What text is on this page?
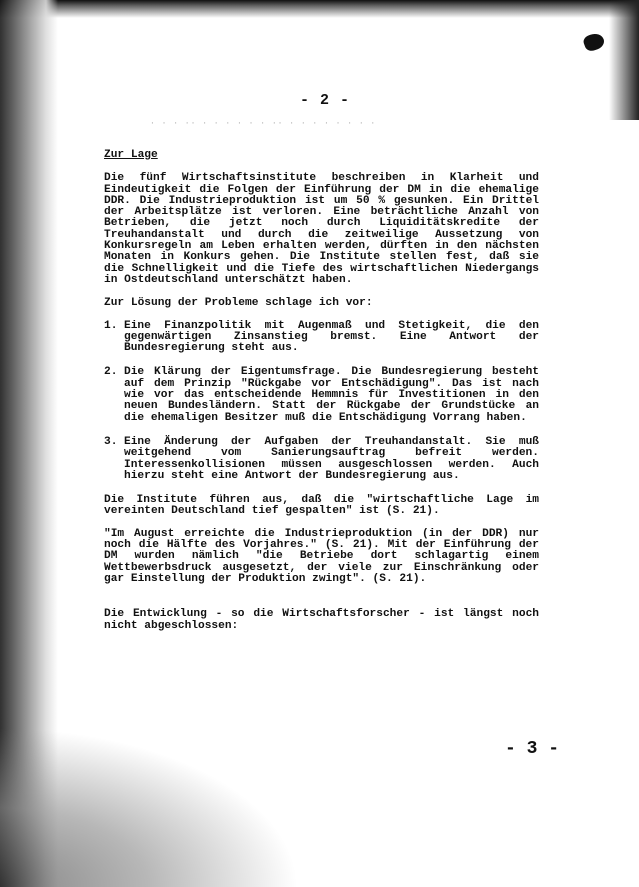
· · · ·· · · · · · · ·· · · · · · · · ·
- 2 -
Zur Lage
Die fünf Wirtschaftsinstitute beschreiben in Klarheit und Eindeutigkeit die Folgen der Einführung der DM in die ehemalige DDR. Die Industrieproduktion ist um 50 % gesunken. Ein Drittel der Arbeitsplätze ist verloren. Eine beträchtliche Anzahl von Betrieben, die jetzt noch durch Liquiditätskredite der Treuhandanstalt und durch die zeitweilige Aussetzung von Konkursregeln am Leben erhalten werden, dürften in den nächsten Monaten in Konkurs gehen. Die Institute stellen fest, daß sie die Schnelligkeit und die Tiefe des wirtschaftlichen Niedergangs in Ostdeutschland unterschätzt haben.
Zur Lösung der Probleme schlage ich vor:
1. Eine Finanzpolitik mit Augenmaß und Stetigkeit, die den gegenwärtigen Zinsanstieg bremst. Eine Antwort der Bundesregierung steht aus.
2. Die Klärung der Eigentumsfrage. Die Bundesregierung besteht auf dem Prinzip "Rückgabe vor Entschädigung". Das ist nach wie vor das entscheidende Hemmnis für Investitionen in den neuen Bundesländern. Statt der Rückgabe der Grundstücke an die ehemaligen Besitzer muß die Entschädigung Vorrang haben.
3. Eine Änderung der Aufgaben der Treuhandanstalt. Sie muß weitgehend vom Sanierungsauftrag befreit werden. Interessenkollisionen müssen ausgeschlossen werden. Auch hierzu steht eine Antwort der Bundesregierung aus.
Die Institute führen aus, daß die "wirtschaftliche Lage im vereinten Deutschland tief gespalten" ist (S. 21).
"Im August erreichte die Industrieproduktion (in der DDR) nur noch die Hälfte des Vorjahres." (S. 21). Mit der Einführung der DM wurden nämlich "die Betriebe dort schlagartig einem Wettbewerbsdruck ausgesetzt, der viele zur Einschränkung oder gar Einstellung der Produktion zwingt". (S. 21).
Die Entwicklung - so die Wirtschaftsforscher - ist längst noch nicht abgeschlossen:
- 3 -
